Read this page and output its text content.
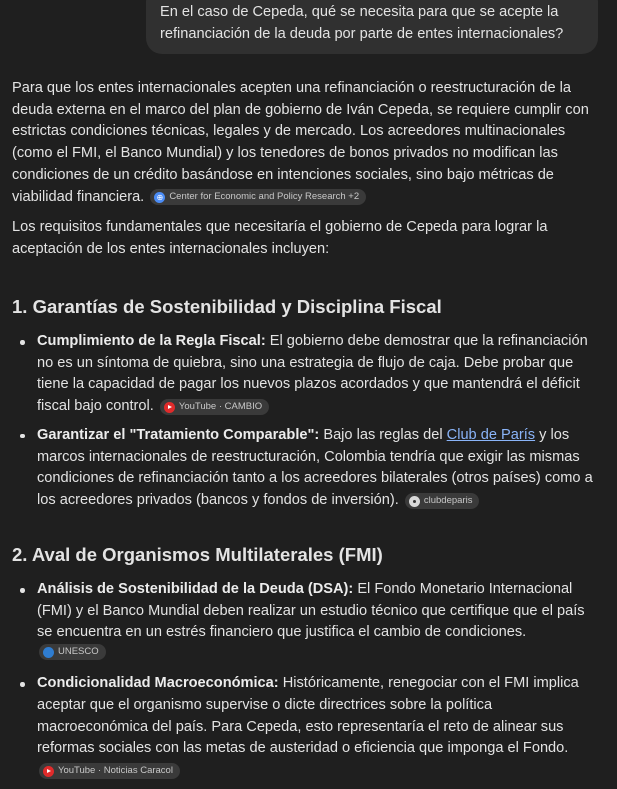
En el caso de Cepeda, qué se necesita para que se acepte la refinanciación de la deuda por parte de entes internacionales?

Para que los entes internacionales acepten una refinanciación o reestructuración de la deuda externa en el marco del plan de gobierno de Iván Cepeda, se requiere cumplir con estrictas condiciones técnicas, legales y de mercado. Los acreedores multinacionales (como el FMI, el Banco Mundial) y los tenedores de bonos privados no modifican las condiciones de un crédito basándose en intenciones sociales, sino bajo métricas de viabilidad financiera. ⊕ Center for Economic and Policy Research +2

Los requisitos fundamentales que necesitaría el gobierno de Cepeda para lograr la aceptación de los entes internacionales incluyen:

1. Garantías de Sostenibilidad y Disciplina Fiscal
Cumplimiento de la Regla Fiscal: El gobierno debe demostrar que la refinanciación no es un síntoma de quiebra, sino una estrategia de flujo de caja. Debe probar que tiene la capacidad de pagar los nuevos plazos acordados y que mantendrá el déficit fiscal bajo control.	YouTube · CAMBIO
Garantizar el "Tratamiento Comparable": Bajo las reglas del Club de París y los marcos internacionales de reestructuración, Colombia tendría que exigir las mismas condiciones de refinanciación tanto a los acreedores bilaterales (otros países) como a los acreedores privados (bancos y fondos de inversión).	clubdeparis
2. Aval de Organismos Multilaterales (FMI)
Análisis de Sostenibilidad de la Deuda (DSA): El Fondo Monetario Internacional (FMI) y el Banco Mundial deben realizar un estudio técnico que certifique que el país se encuentra en un estrés financiero que justifica el cambio de condiciones.
UNESCO
Condicionalidad Macroeconómica: Históricamente, renegociar con el FMI implica aceptar que el organismo supervise o dicte directrices sobre la política macroeconómica del país. Para Cepeda, esto representaría el reto de alinear sus reformas sociales con las metas de austeridad o eficiencia que imponga el Fondo.
YouTube · Noticias Caracol
